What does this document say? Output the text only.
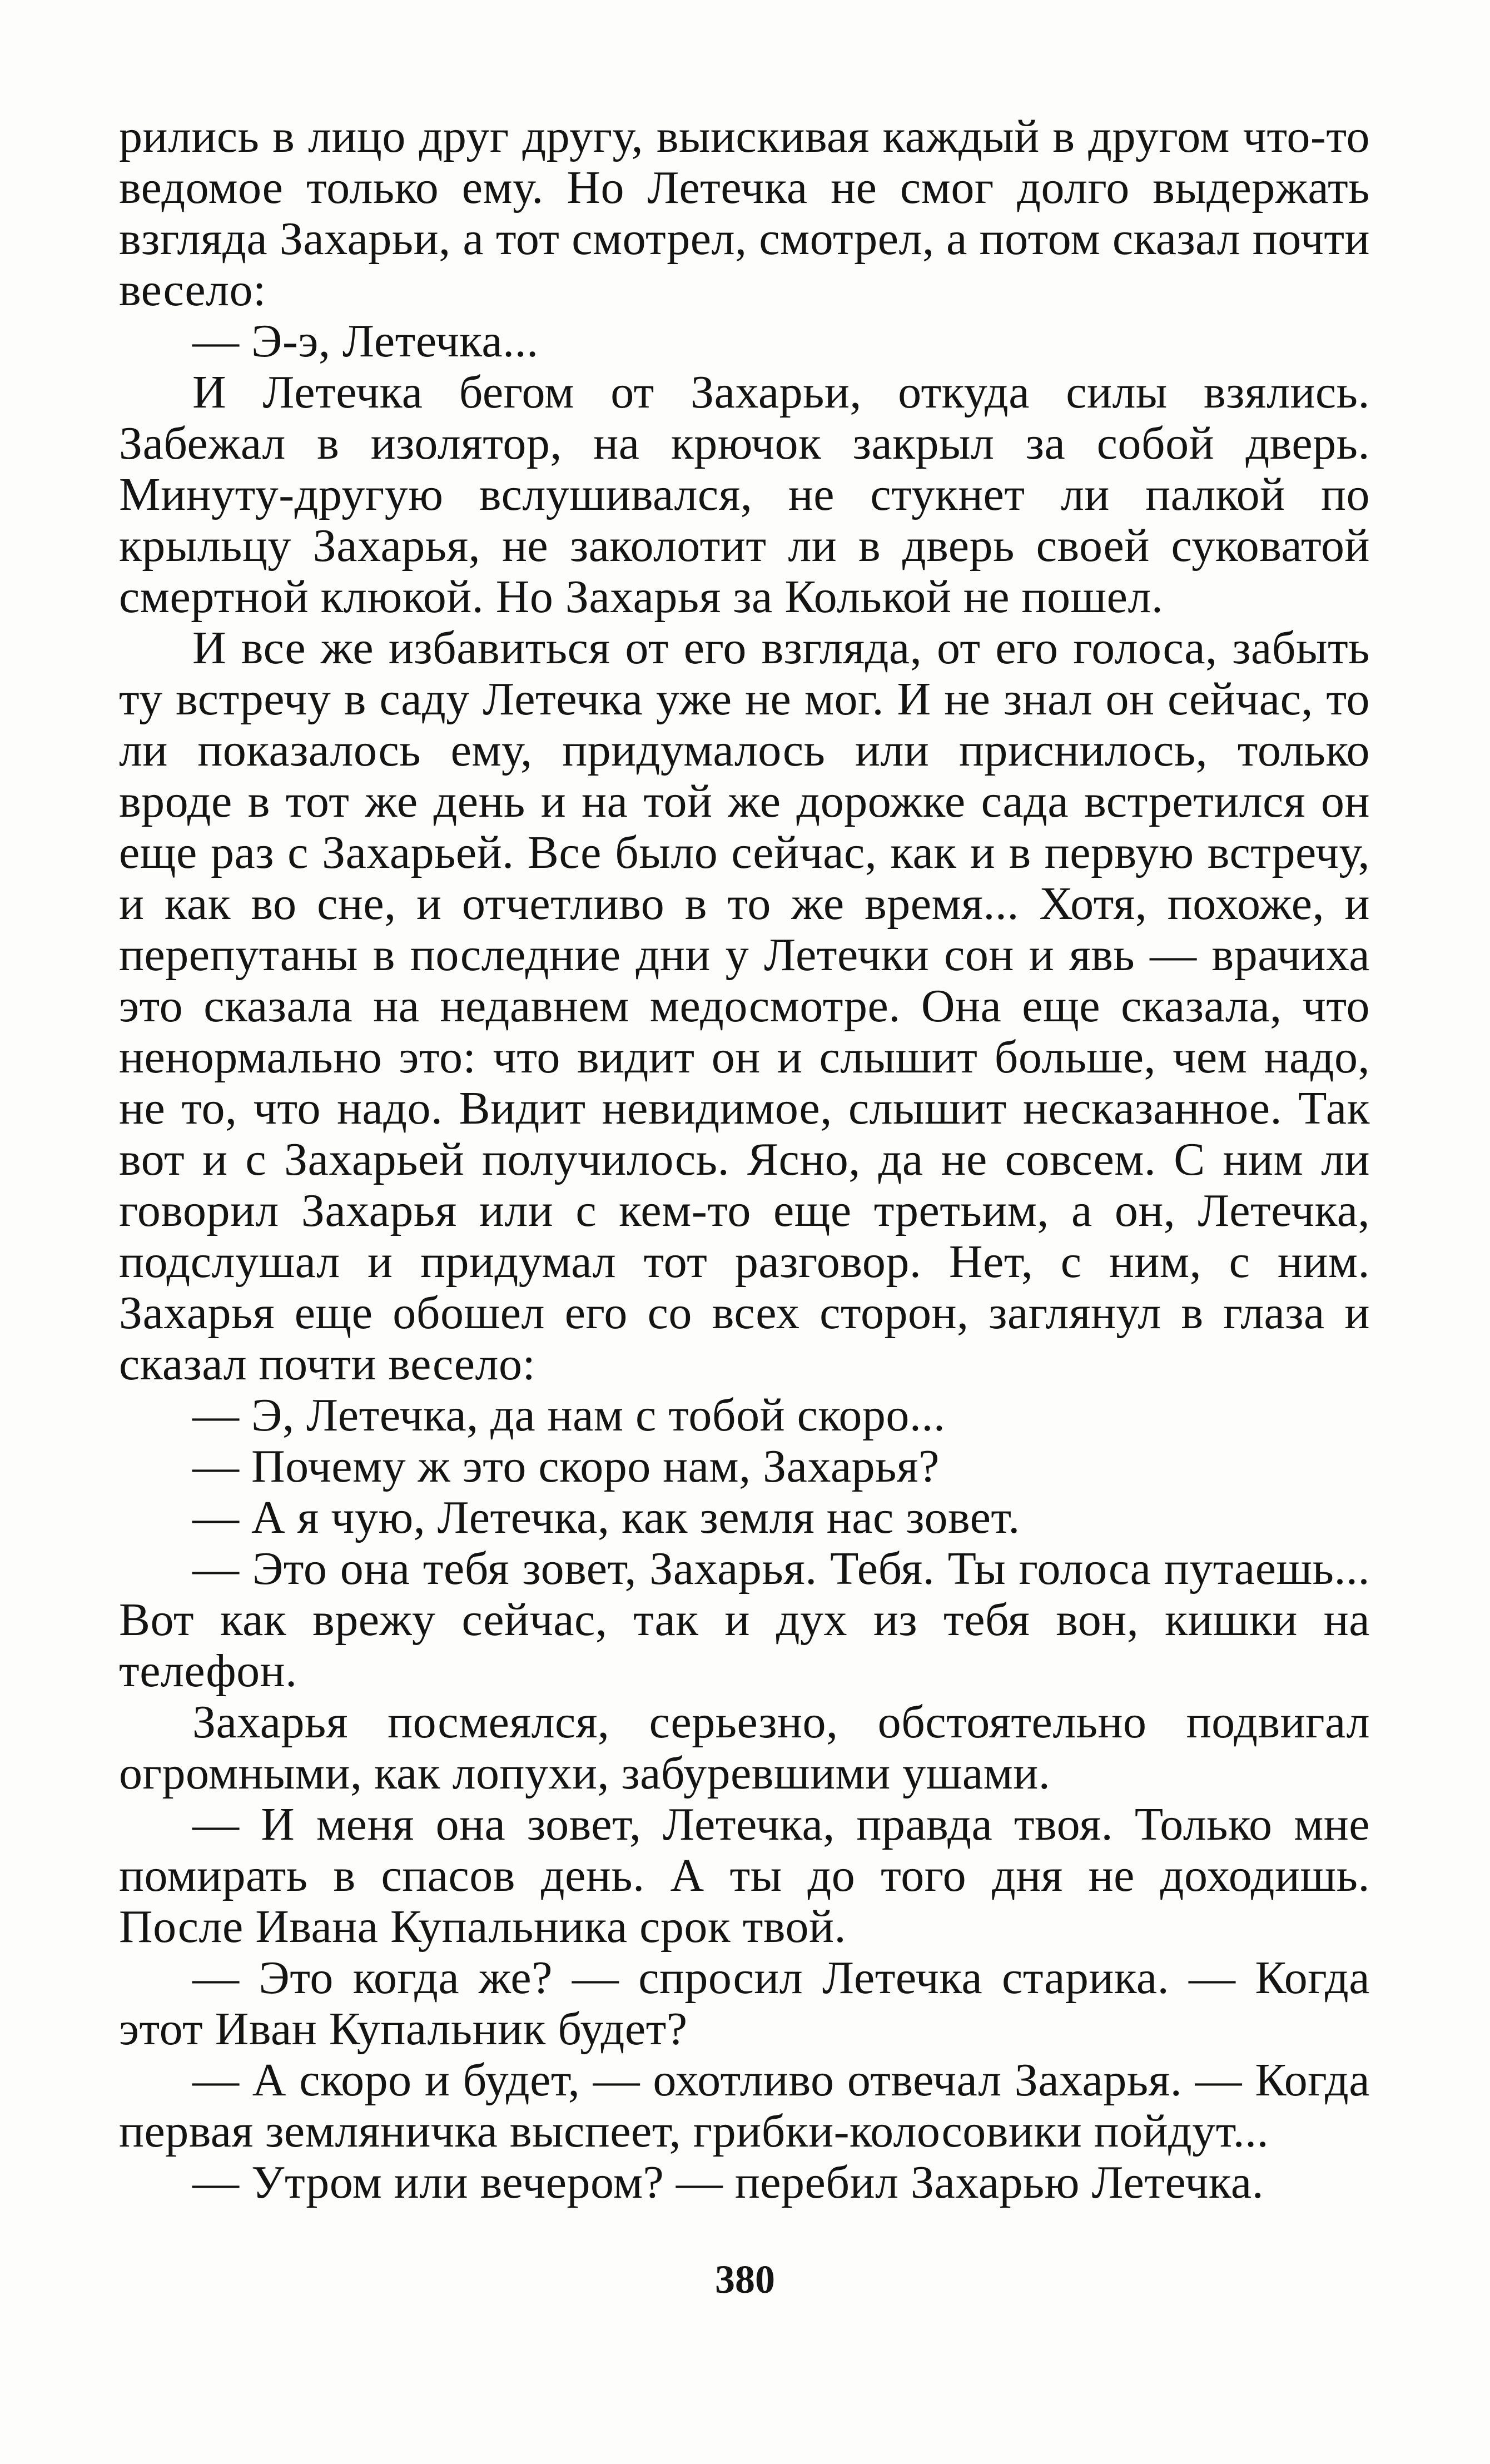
рились в лицо друг другу, выискивая каждый в другом что-то ведомое только ему. Но Летечка не смог долго выдержать взгляда Захарьи, а тот смотрел, смотрел, а потом сказал почти весело:

— Э-э, Летечка...

И Летечка бегом от Захарьи, откуда силы взялись. Забежал в изолятор, на крючок закрыл за собой дверь. Минуту-другую вслушивался, не стукнет ли палкой по крыльцу Захарья, не заколотит ли в дверь своей суковатой смертной клюкой. Но Захарья за Колькой не пошел.

И все же избавиться от его взгляда, от его голоса, забыть ту встречу в саду Летечка уже не мог. И не знал он сейчас, то ли показалось ему, придумалось или приснилось, только вроде в тот же день и на той же дорожке сада встретился он еще раз с Захарьей. Все было сейчас, как и в первую встречу, и как во сне, и отчетливо в то же время... Хотя, похоже, и перепутаны в последние дни у Летечки сон и явь — врачиха это сказала на недавнем медосмотре. Она еще сказала, что ненормально это: что видит он и слышит больше, чем надо, не то, что надо. Видит невидимое, слышит несказанное. Так вот и с Захарьей получилось. Ясно, да не совсем. С ним ли говорил Захарья или с кем-то еще третьим, а он, Летечка, подслушал и придумал тот разговор. Нет, с ним, с ним. Захарья еще обошел его со всех сторон, заглянул в глаза и сказал почти весело:

— Э, Летечка, да нам с тобой скоро...

— Почему ж это скоро нам, Захарья?

— А я чую, Летечка, как земля нас зовет.

— Это она тебя зовет, Захарья. Тебя. Ты голоса путаешь... Вот как врежу сейчас, так и дух из тебя вон, кишки на телефон.

Захарья посмеялся, серьезно, обстоятельно подвигал огромными, как лопухи, забуревшими ушами.

— И меня она зовет, Летечка, правда твоя. Только мне помирать в спасов день. А ты до того дня не доходишь. После Ивана Купальника срок твой.

— Это когда же? — спросил Летечка старика. — Когда этот Иван Купальник будет?

— А скоро и будет, — охотливо отвечал Захарья. — Когда первая земляничка выспеет, грибки-колосовики пойдут...

— Утром или вечером? — перебил Захарью Летечка.

380
